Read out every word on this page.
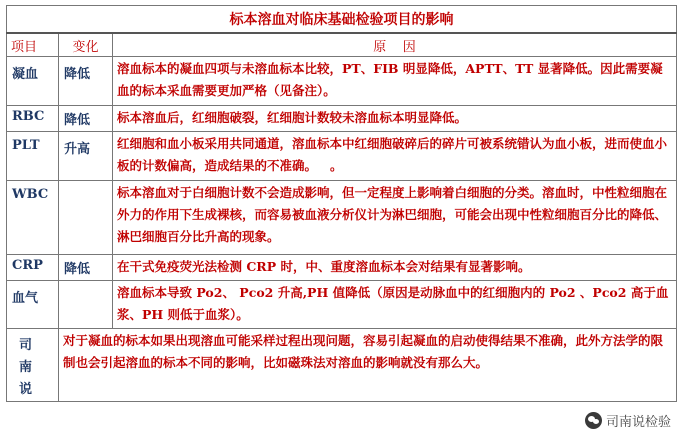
标本溶血对临床基础检验项目的影响		
项目	变化	原    因
凝血	降低	溶血标本的凝血四项与未溶血标本比较，PT、FIB 明显降低，APTT、TT 显著降低。因此需要凝血的标本采血需要更加严格（见备注）。
RBC	降低	标本溶血后，红细胞破裂，红细胞计数较未溶血标本明显降低。
PLT	升高	红细胞和血小板采用共同通道，溶血标本中红细胞破碎后的碎片可被系统错认为血小板，进而使血小板的计数偏高，造成结果的不准确。   。
WBC		标本溶血对于白细胞计数不会造成影响，但一定程度上影响着白细胞的分类。溶血时，中性粒细胞在外力的作用下生成裸核，而容易被血液分析仪计为淋巴细胞，可能会出现中性粒细胞百分比的降低、淋巴细胞百分比升高的现象。
CRP	降低	在干式免疫荧光法检测 CRP 时，中、重度溶血标本会对结果有显著影响。
血气		溶血标本导致 Po2、 Pco2 升高,PH 值降低（原因是动脉血中的红细胞内的 Po2 、Pco2 高于血浆、PH 则低于血浆）。

司南说	对于凝血的标本如果出现溶血可能采样过程出现问题，容易引起凝血的启动使得结果不准确，此外方法学的限制也会引起溶血的标本不同的影响，比如磁珠法对溶血的影响就没有那么大。	
司南说检验
